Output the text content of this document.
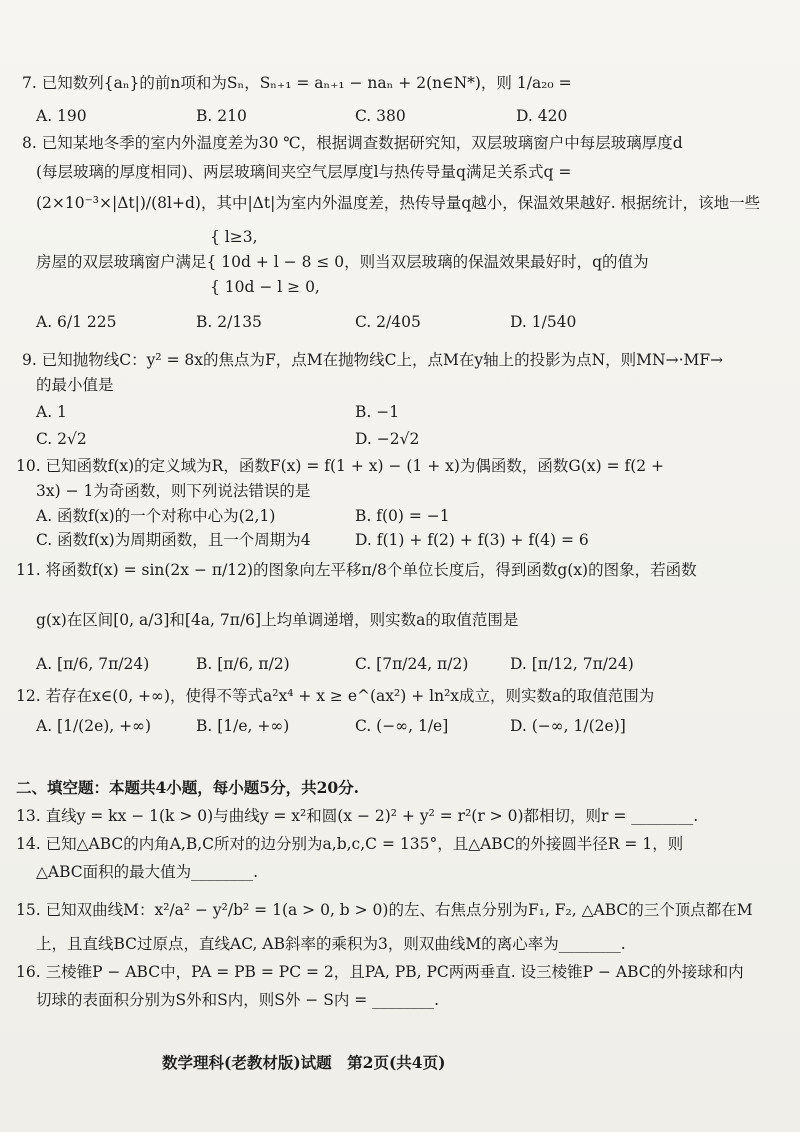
7. 已知数列{aₙ}的前n项和为Sₙ，Sₙ₊₁ = aₙ₊₁ − naₙ + 2(n∈N*)，则 1/a₂₀ =
A. 190	B. 210	C. 380	D. 420
8. 已知某地冬季的室内外温度差为30 ℃，根据调查数据研究知，双层玻璃窗户中每层玻璃厚度d
(每层玻璃的厚度相同)、两层玻璃间夹空气层厚度l与热传导量q满足关系式q =
(2×10⁻³×|Δt|)/(8l+d)，其中|Δt|为室内外温度差，热传导量q越小，保温效果越好. 根据统计，该地一些
{ l≥3,
房屋的双层玻璃窗户满足{ 10d + l − 8 ≤ 0，则当双层玻璃的保温效果最好时，q的值为
{ 10d − l ≥ 0,
A. 6/1 225	B. 2/135	C. 2/405	D. 1/540
9. 已知抛物线C：y² = 8x的焦点为F，点M在抛物线C上，点M在y轴上的投影为点N，则MN→·MF→
的最小值是
A. 1	B. −1
C. 2√2	D. −2√2
10. 已知函数f(x)的定义域为R，函数F(x) = f(1 + x) − (1 + x)为偶函数，函数G(x) = f(2 +
3x) − 1为奇函数，则下列说法错误的是
A. 函数f(x)的一个对称中心为(2,1)	B. f(0) = −1
C. 函数f(x)为周期函数，且一个周期为4	D. f(1) + f(2) + f(3) + f(4) = 6
11. 将函数f(x) = sin(2x − π/12)的图象向左平移π/8个单位长度后，得到函数g(x)的图象，若函数
g(x)在区间[0, a/3]和[4a, 7π/6]上均单调递增，则实数a的取值范围是
A. [π/6, 7π/24)	B. [π/6, π/2)	C. [7π/24, π/2)	D. [π/12, 7π/24)
12. 若存在x∈(0, +∞)，使得不等式a²x⁴ + x ≥ e^(ax²) + ln²x成立，则实数a的取值范围为
A. [1/(2e), +∞)	B. [1/e, +∞)	C. (−∞, 1/e]	D. (−∞, 1/(2e)]
二、填空题：本题共4小题，每小题5分，共20分.
13. 直线y = kx − 1(k > 0)与曲线y = x²和圆(x − 2)² + y² = r²(r > 0)都相切，则r = ________.
14. 已知△ABC的内角A,B,C所对的边分别为a,b,c,C = 135°，且△ABC的外接圆半径R = 1，则
△ABC面积的最大值为________.
15. 已知双曲线M：x²/a² − y²/b² = 1(a > 0, b > 0)的左、右焦点分别为F₁, F₂, △ABC的三个顶点都在M
上，且直线BC过原点，直线AC, AB斜率的乘积为3，则双曲线M的离心率为________.
16. 三棱锥P − ABC中，PA = PB = PC = 2，且PA, PB, PC两两垂直. 设三棱锥P − ABC的外接球和内
切球的表面积分别为S外和S内，则S外 − S内 = ________.
数学理科(老教材版)试题　第2页(共4页)
